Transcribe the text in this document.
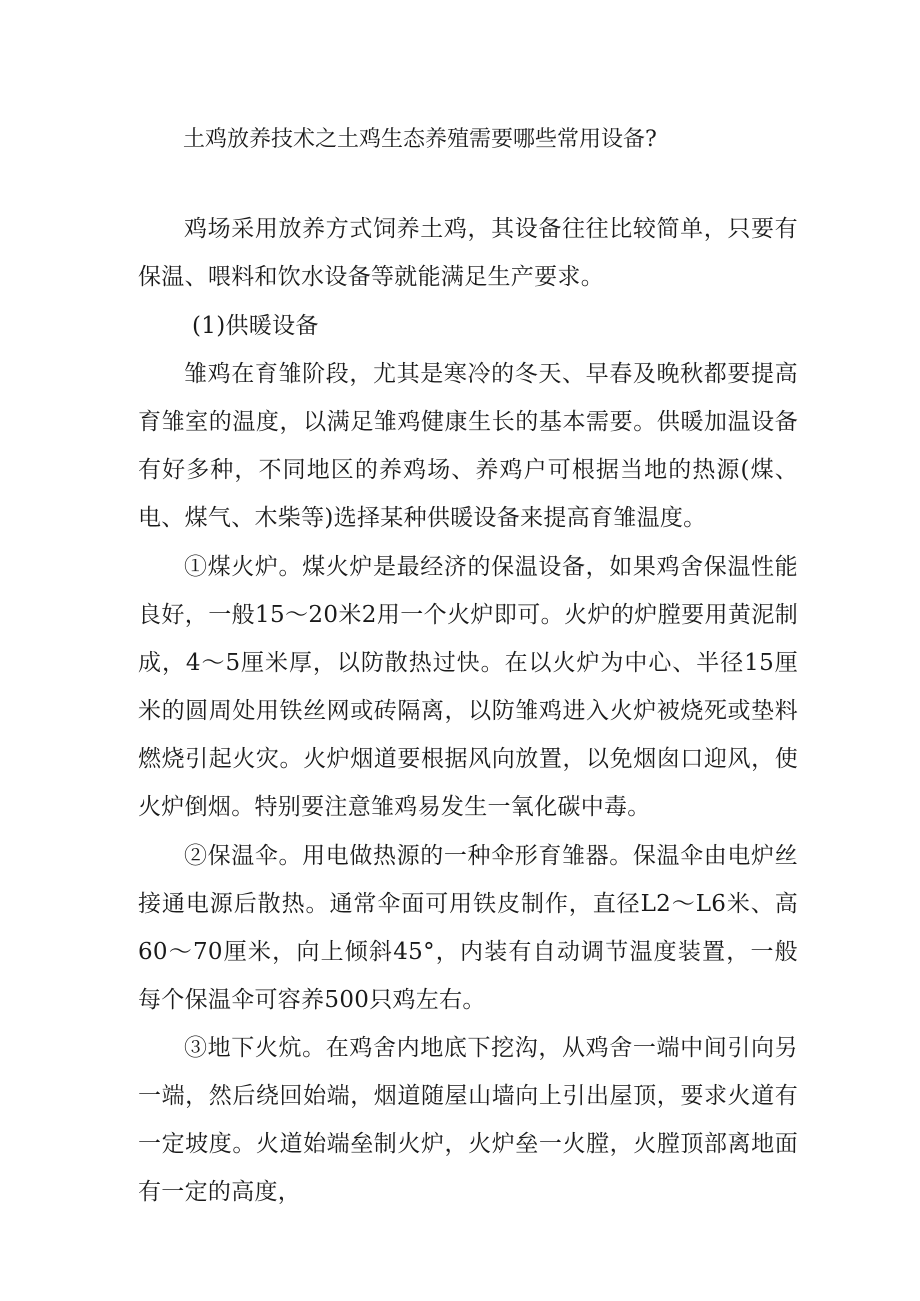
土鸡放养技术之土鸡生态养殖需要哪些常用设备?

鸡场采用放养方式饲养土鸡，其设备往往比较简单，只要有保温、喂料和饮水设备等就能满足生产要求。

(1)供暖设备

雏鸡在育雏阶段，尤其是寒冷的冬天、早春及晚秋都要提高育雏室的温度，以满足雏鸡健康生长的基本需要。供暖加温设备有好多种，不同地区的养鸡场、养鸡户可根据当地的热源(煤、电、煤气、木柴等)选择某种供暖设备来提高育雏温度。

①煤火炉。煤火炉是最经济的保温设备，如果鸡舍保温性能良好，一般15～20米2用一个火炉即可。火炉的炉膛要用黄泥制成，4～5厘米厚，以防散热过快。在以火炉为中心、半径15厘米的圆周处用铁丝网或砖隔离，以防雏鸡进入火炉被烧死或垫料燃烧引起火灾。火炉烟道要根据风向放置，以免烟囱口迎风，使火炉倒烟。特别要注意雏鸡易发生一氧化碳中毒。

②保温伞。用电做热源的一种伞形育雏器。保温伞由电炉丝接通电源后散热。通常伞面可用铁皮制作，直径L2～L6米、高60～70厘米，向上倾斜45°，内装有自动调节温度装置，一般每个保温伞可容养500只鸡左右。

③地下火炕。在鸡舍内地底下挖沟，从鸡舍一端中间引向另一端，然后绕回始端，烟道随屋山墙向上引出屋顶，要求火道有一定坡度。火道始端垒制火炉，火炉垒一火膛，火膛顶部离地面有一定的高度，
